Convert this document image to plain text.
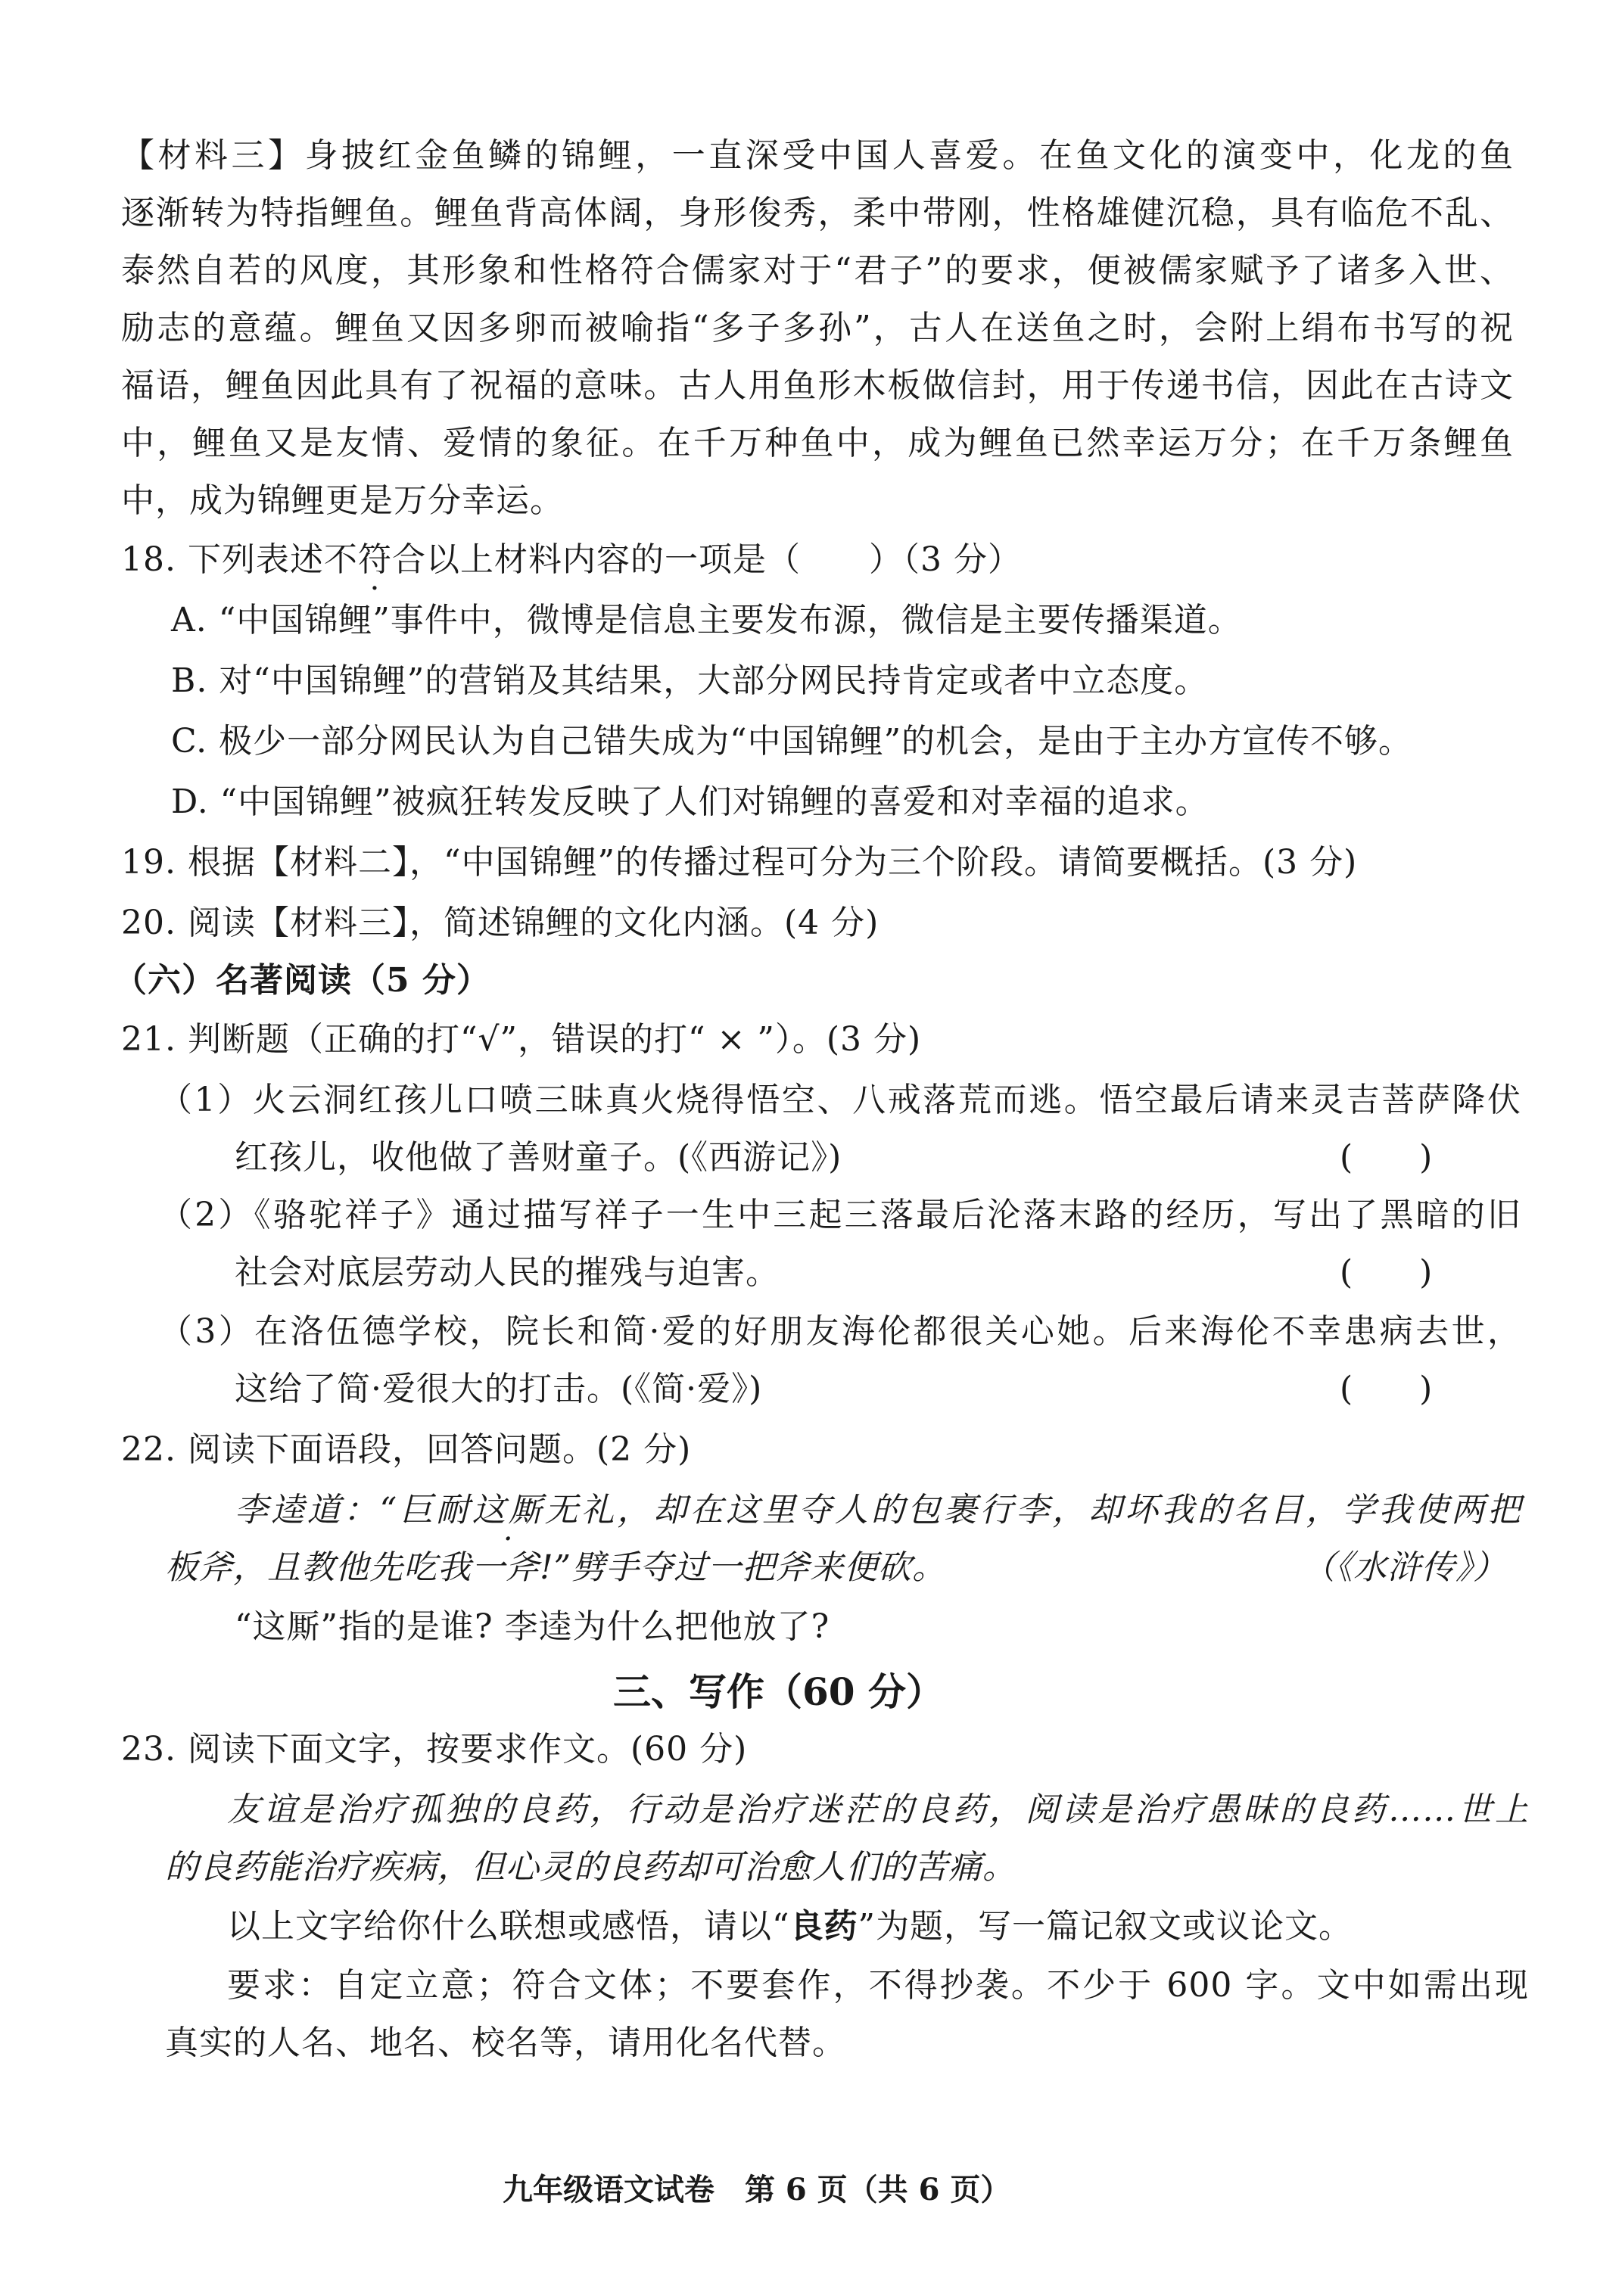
【材料三】身披红金鱼鳞的锦鲤，一直深受中国人喜爱。在鱼文化的演变中，化龙的鱼
逐渐转为特指鲤鱼。鲤鱼背高体阔，身形俊秀，柔中带刚，性格雄健沉稳，具有临危不乱、
泰然自若的风度，其形象和性格符合儒家对于“君子”的要求，便被儒家赋予了诸多入世、
励志的意蕴。鲤鱼又因多卵而被喻指“多子多孙”，古人在送鱼之时，会附上绢布书写的祝
福语，鲤鱼因此具有了祝福的意味。古人用鱼形木板做信封，用于传递书信，因此在古诗文
中，鲤鱼又是友情、爱情的象征。在千万种鱼中，成为鲤鱼已然幸运万分；在千万条鲤鱼
中，成为锦鲤更是万分幸运。
18. 下列表述不符合以上材料内容的一项是（　　）（3 分）
A. “中国锦鲤”事件中，微博是信息主要发布源，微信是主要传播渠道。
B. 对“中国锦鲤”的营销及其结果，大部分网民持肯定或者中立态度。
C. 极少一部分网民认为自己错失成为“中国锦鲤”的机会，是由于主办方宣传不够。
D. “中国锦鲤”被疯狂转发反映了人们对锦鲤的喜爱和对幸福的追求。
19. 根据【材料二】，“中国锦鲤”的传播过程可分为三个阶段。请简要概括。(3 分)
20. 阅读【材料三】，简述锦鲤的文化内涵。(4 分)
（六）名著阅读（5 分）
21. 判断题（正确的打“√”，错误的打“ × ”）。(3 分)
（1）火云洞红孩儿口喷三昧真火烧得悟空、八戒落荒而逃。悟空最后请来灵吉菩萨降伏
红孩儿，收他做了善财童子。(《西游记》)	(　　)
（2）《骆驼祥子》通过描写祥子一生中三起三落最后沦落末路的经历，写出了黑暗的旧
社会对底层劳动人民的摧残与迫害。	(　　)
（3）在洛伍德学校，院长和简·爱的好朋友海伦都很关心她。后来海伦不幸患病去世，
这给了简·爱很大的打击。(《简·爱》)	(　　)
22. 阅读下面语段，回答问题。(2 分)
李逵道：“巨耐这厮无礼，却在这里夺人的包裹行李，却坏我的名目，学我使两把
板斧，且教他先吃我一斧!”劈手夺过一把斧来便砍。	（《水浒传》）
“这厮”指的是谁? 李逵为什么把他放了?
三、写作（60 分）
23. 阅读下面文字，按要求作文。(60 分)
友谊是治疗孤独的良药，行动是治疗迷茫的良药，阅读是治疗愚昧的良药……世上
的良药能治疗疾病，但心灵的良药却可治愈人们的苦痛。
以上文字给你什么联想或感悟，请以“良药”为题，写一篇记叙文或议论文。
要求：自定立意；符合文体；不要套作，不得抄袭。不少于 600 字。文中如需出现
真实的人名、地名、校名等，请用化名代替。
九年级语文试卷　第 6 页（共 6 页）
